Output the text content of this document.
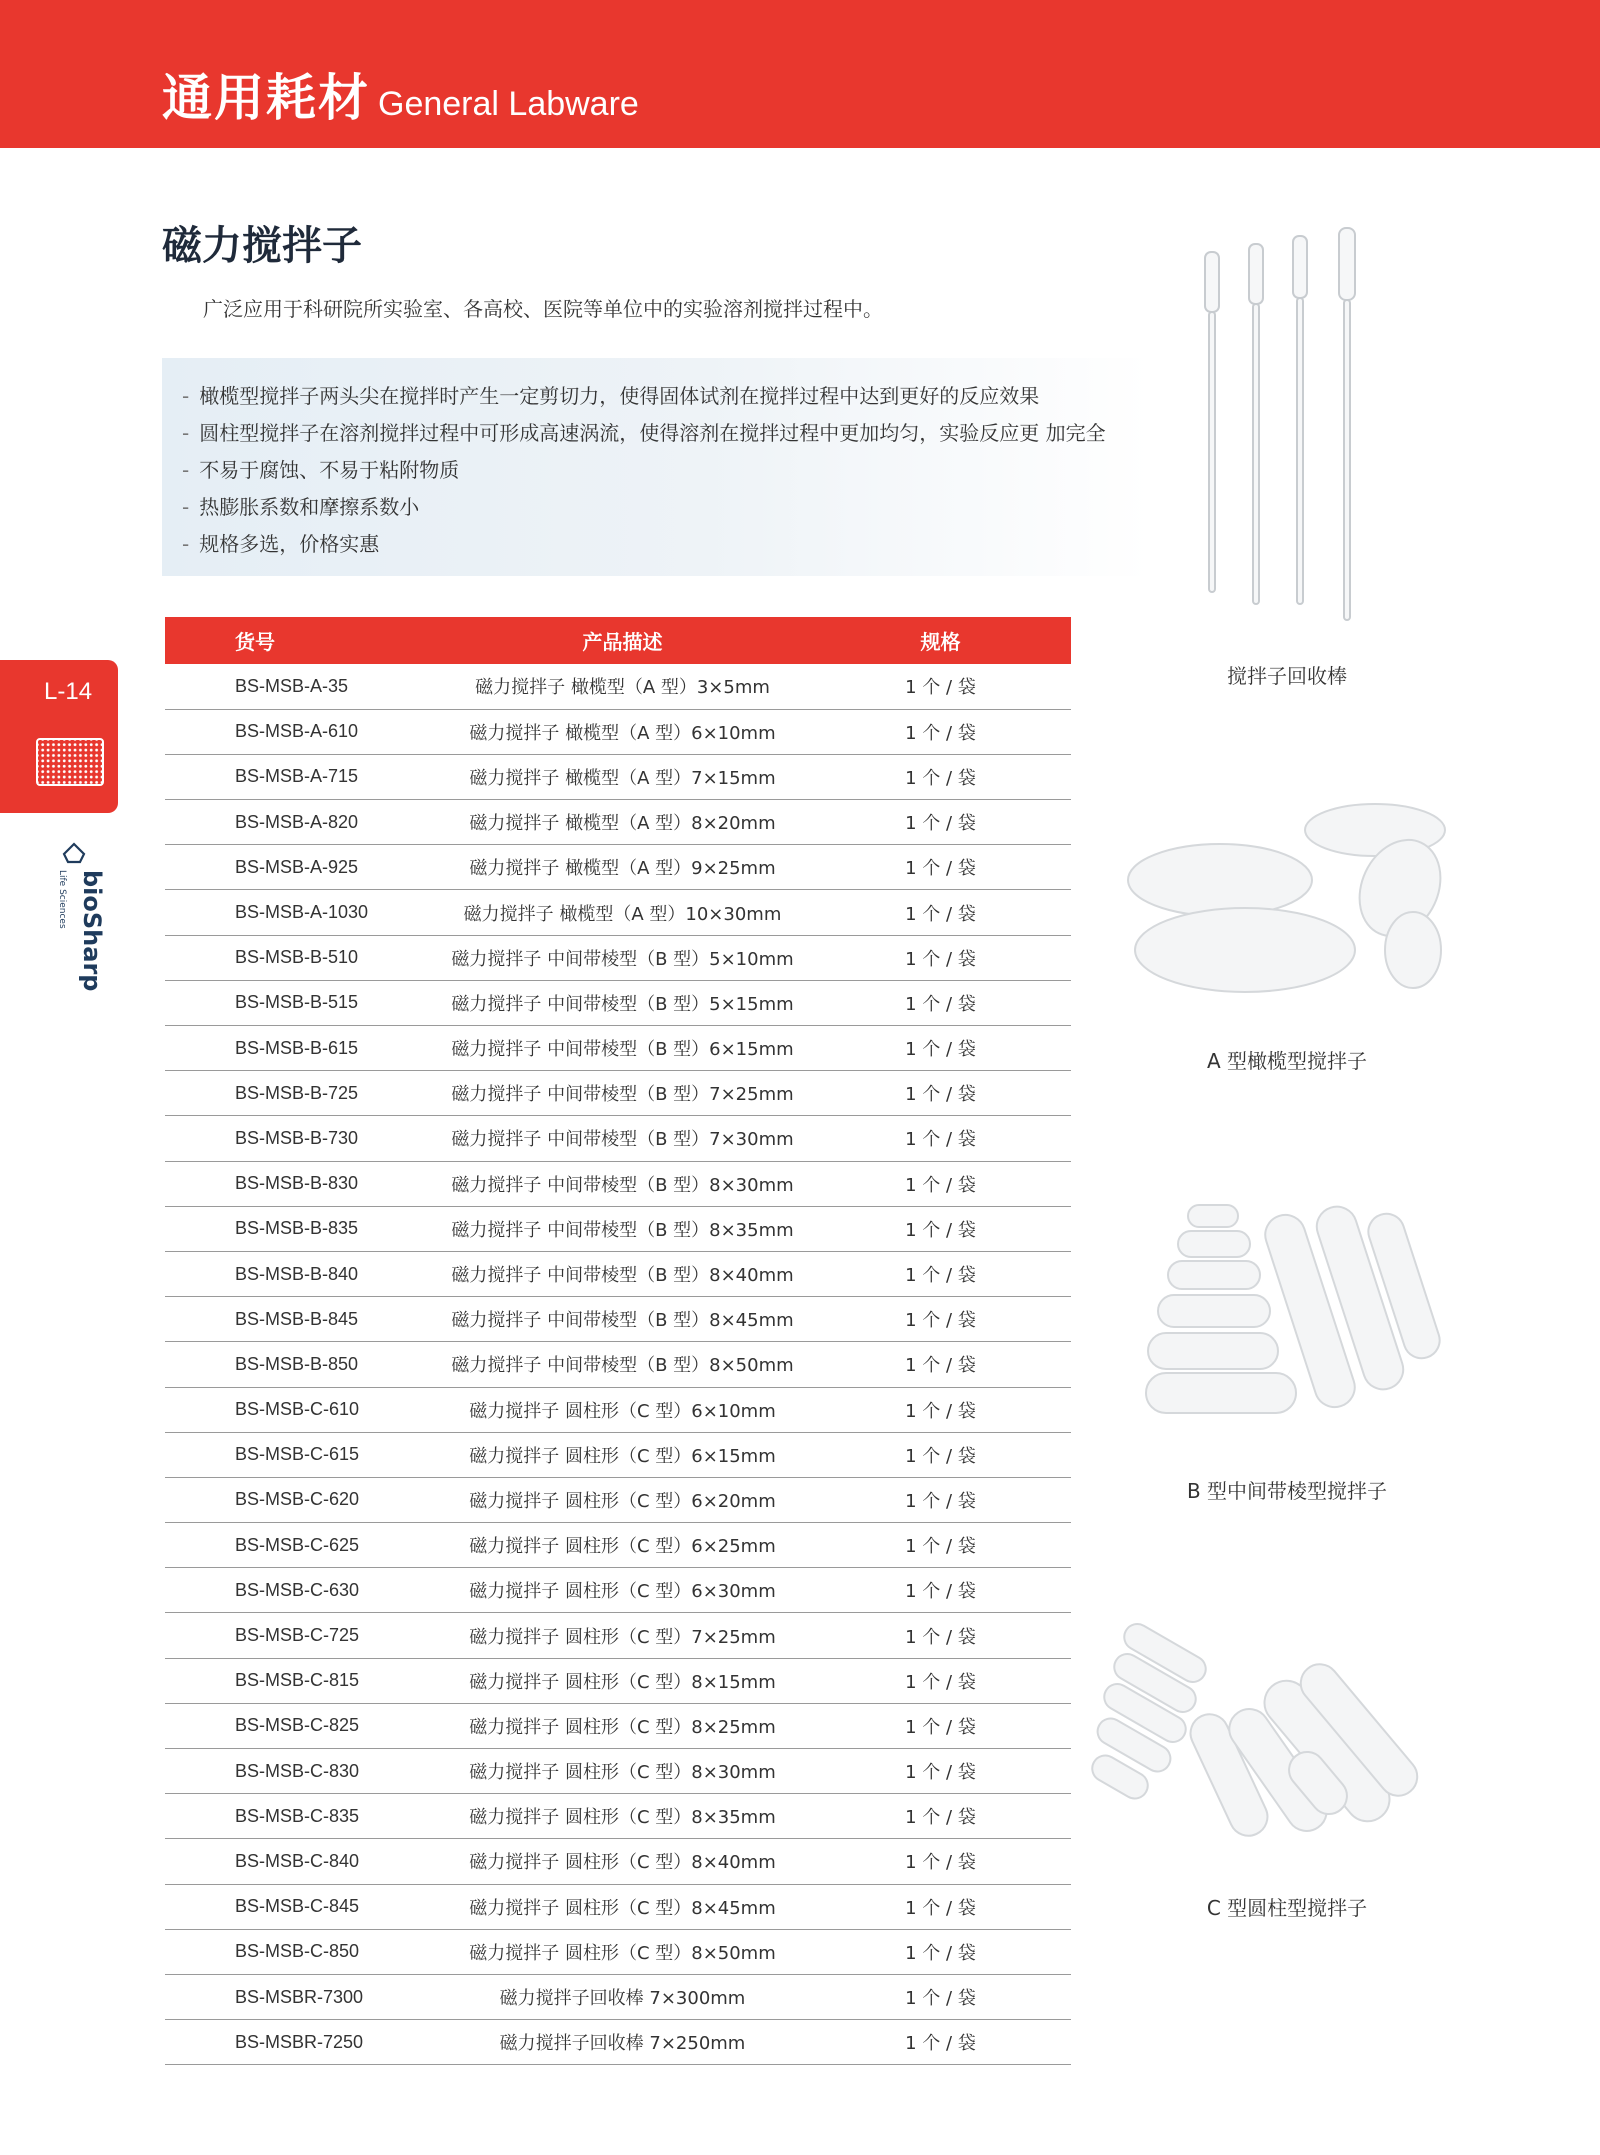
通用耗材 General Labware
磁力搅拌子

广泛应用于科研院所实验室、各高校、医院等单位中的实验溶剂搅拌过程中。

- 橄榄型搅拌子两头尖在搅拌时产生一定剪切力，使得固体试剂在搅拌过程中达到更好的反应效果
- 圆柱型搅拌子在溶剂搅拌过程中可形成高速涡流，使得溶剂在搅拌过程中更加均匀，实验反应更 加完全
- 不易于腐蚀、不易于粘附物质
- 热膨胀系数和摩擦系数小
- 规格多选，价格实惠
L-14
bioSharp
Life Sciences
货号	产品描述	规格
BS-MSB-A-35	磁力搅拌子 橄榄型（A 型）3×5mm	1 个 / 袋
BS-MSB-A-610	磁力搅拌子 橄榄型（A 型）6×10mm	1 个 / 袋
BS-MSB-A-715	磁力搅拌子 橄榄型（A 型）7×15mm	1 个 / 袋
BS-MSB-A-820	磁力搅拌子 橄榄型（A 型）8×20mm	1 个 / 袋
BS-MSB-A-925	磁力搅拌子 橄榄型（A 型）9×25mm	1 个 / 袋
BS-MSB-A-1030	磁力搅拌子 橄榄型（A 型）10×30mm	1 个 / 袋
BS-MSB-B-510	磁力搅拌子 中间带棱型（B 型）5×10mm	1 个 / 袋
BS-MSB-B-515	磁力搅拌子 中间带棱型（B 型）5×15mm	1 个 / 袋
BS-MSB-B-615	磁力搅拌子 中间带棱型（B 型）6×15mm	1 个 / 袋
BS-MSB-B-725	磁力搅拌子 中间带棱型（B 型）7×25mm	1 个 / 袋
BS-MSB-B-730	磁力搅拌子 中间带棱型（B 型）7×30mm	1 个 / 袋
BS-MSB-B-830	磁力搅拌子 中间带棱型（B 型）8×30mm	1 个 / 袋
BS-MSB-B-835	磁力搅拌子 中间带棱型（B 型）8×35mm	1 个 / 袋
BS-MSB-B-840	磁力搅拌子 中间带棱型（B 型）8×40mm	1 个 / 袋
BS-MSB-B-845	磁力搅拌子 中间带棱型（B 型）8×45mm	1 个 / 袋
BS-MSB-B-850	磁力搅拌子 中间带棱型（B 型）8×50mm	1 个 / 袋
BS-MSB-C-610	磁力搅拌子 圆柱形（C 型）6×10mm	1 个 / 袋
BS-MSB-C-615	磁力搅拌子 圆柱形（C 型）6×15mm	1 个 / 袋
BS-MSB-C-620	磁力搅拌子 圆柱形（C 型）6×20mm	1 个 / 袋
BS-MSB-C-625	磁力搅拌子 圆柱形（C 型）6×25mm	1 个 / 袋
BS-MSB-C-630	磁力搅拌子 圆柱形（C 型）6×30mm	1 个 / 袋
BS-MSB-C-725	磁力搅拌子 圆柱形（C 型）7×25mm	1 个 / 袋
BS-MSB-C-815	磁力搅拌子 圆柱形（C 型）8×15mm	1 个 / 袋
BS-MSB-C-825	磁力搅拌子 圆柱形（C 型）8×25mm	1 个 / 袋
BS-MSB-C-830	磁力搅拌子 圆柱形（C 型）8×30mm	1 个 / 袋
BS-MSB-C-835	磁力搅拌子 圆柱形（C 型）8×35mm	1 个 / 袋
BS-MSB-C-840	磁力搅拌子 圆柱形（C 型）8×40mm	1 个 / 袋
BS-MSB-C-845	磁力搅拌子 圆柱形（C 型）8×45mm	1 个 / 袋
BS-MSB-C-850	磁力搅拌子 圆柱形（C 型）8×50mm	1 个 / 袋
BS-MSBR-7300	磁力搅拌子回收棒 7×300mm	1 个 / 袋
BS-MSBR-7250	磁力搅拌子回收棒 7×250mm	1 个 / 袋
搅拌子回收棒
A 型橄榄型搅拌子
B 型中间带棱型搅拌子
C 型圆柱型搅拌子
